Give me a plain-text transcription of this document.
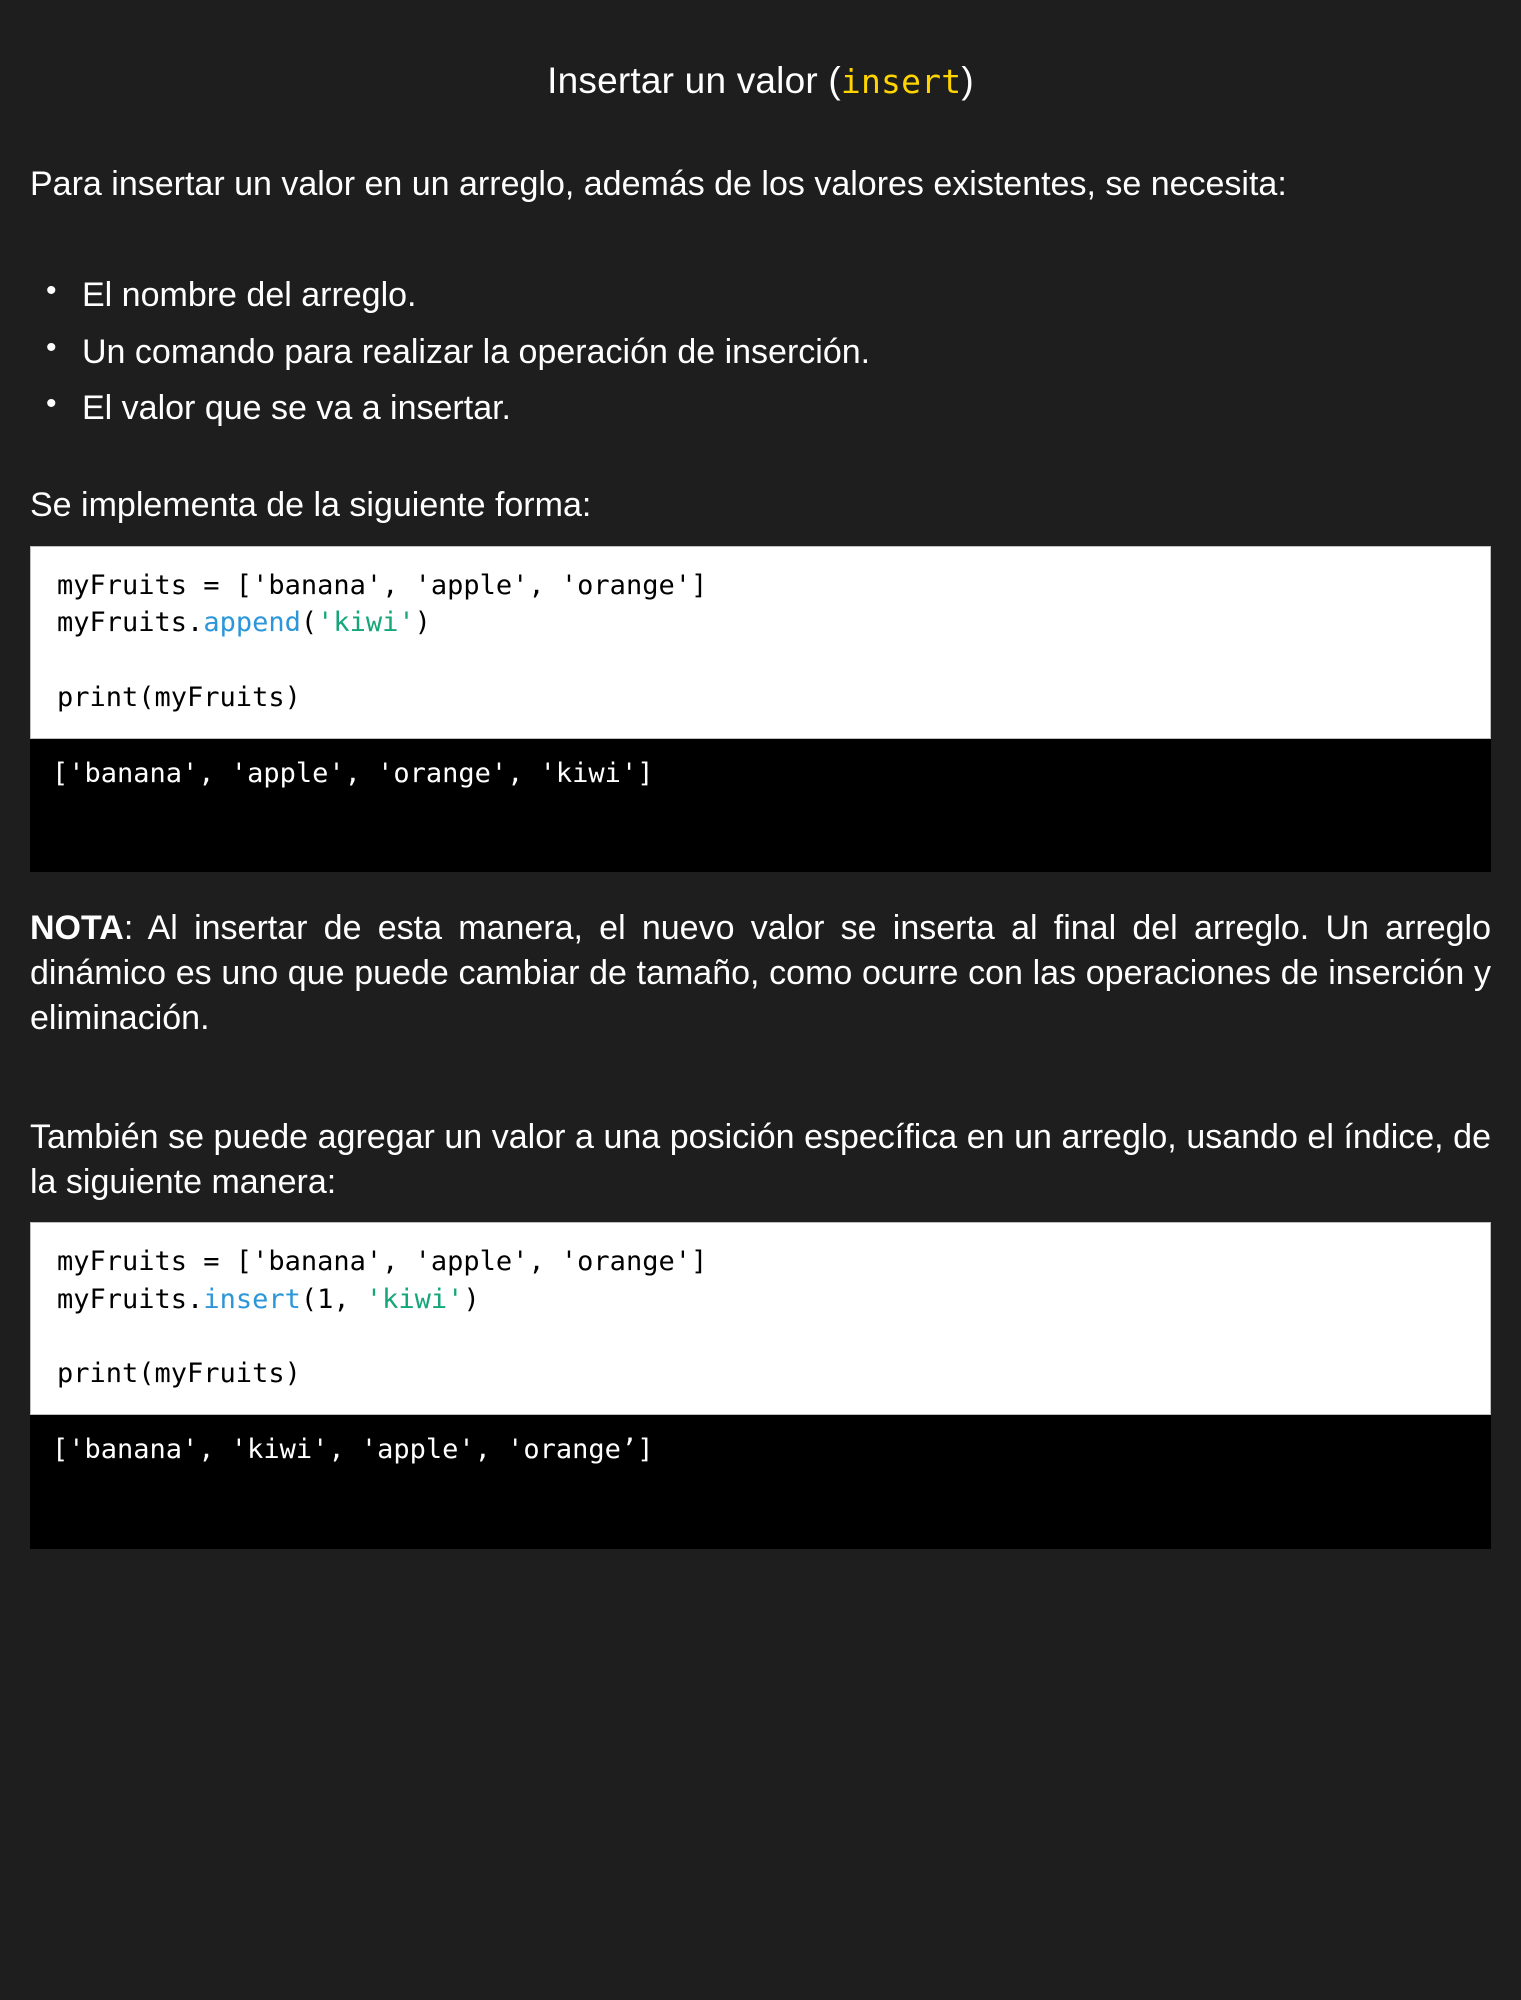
Insertar un valor (insert)

Para insertar un valor en un arreglo, además de los valores existentes, se necesita:

• El nombre del arreglo.
• Un comando para realizar la operación de inserción.
• El valor que se va a insertar.

Se implementa de la siguiente forma:

myFruits = ['banana', 'apple', 'orange']
myFruits.append('kiwi')

print(myFruits)
['banana', 'apple', 'orange', 'kiwi']

NOTA: Al insertar de esta manera, el nuevo valor se inserta al final del arreglo. Un arreglo dinámico es uno que puede cambiar de tamaño, como ocurre con las operaciones de inserción y eliminación.

También se puede agregar un valor a una posición específica en un arreglo, usando el índice, de la siguiente manera:

myFruits = ['banana', 'apple', 'orange']
myFruits.insert(1, 'kiwi')

print(myFruits)
['banana', 'kiwi', 'apple', 'orange’]
